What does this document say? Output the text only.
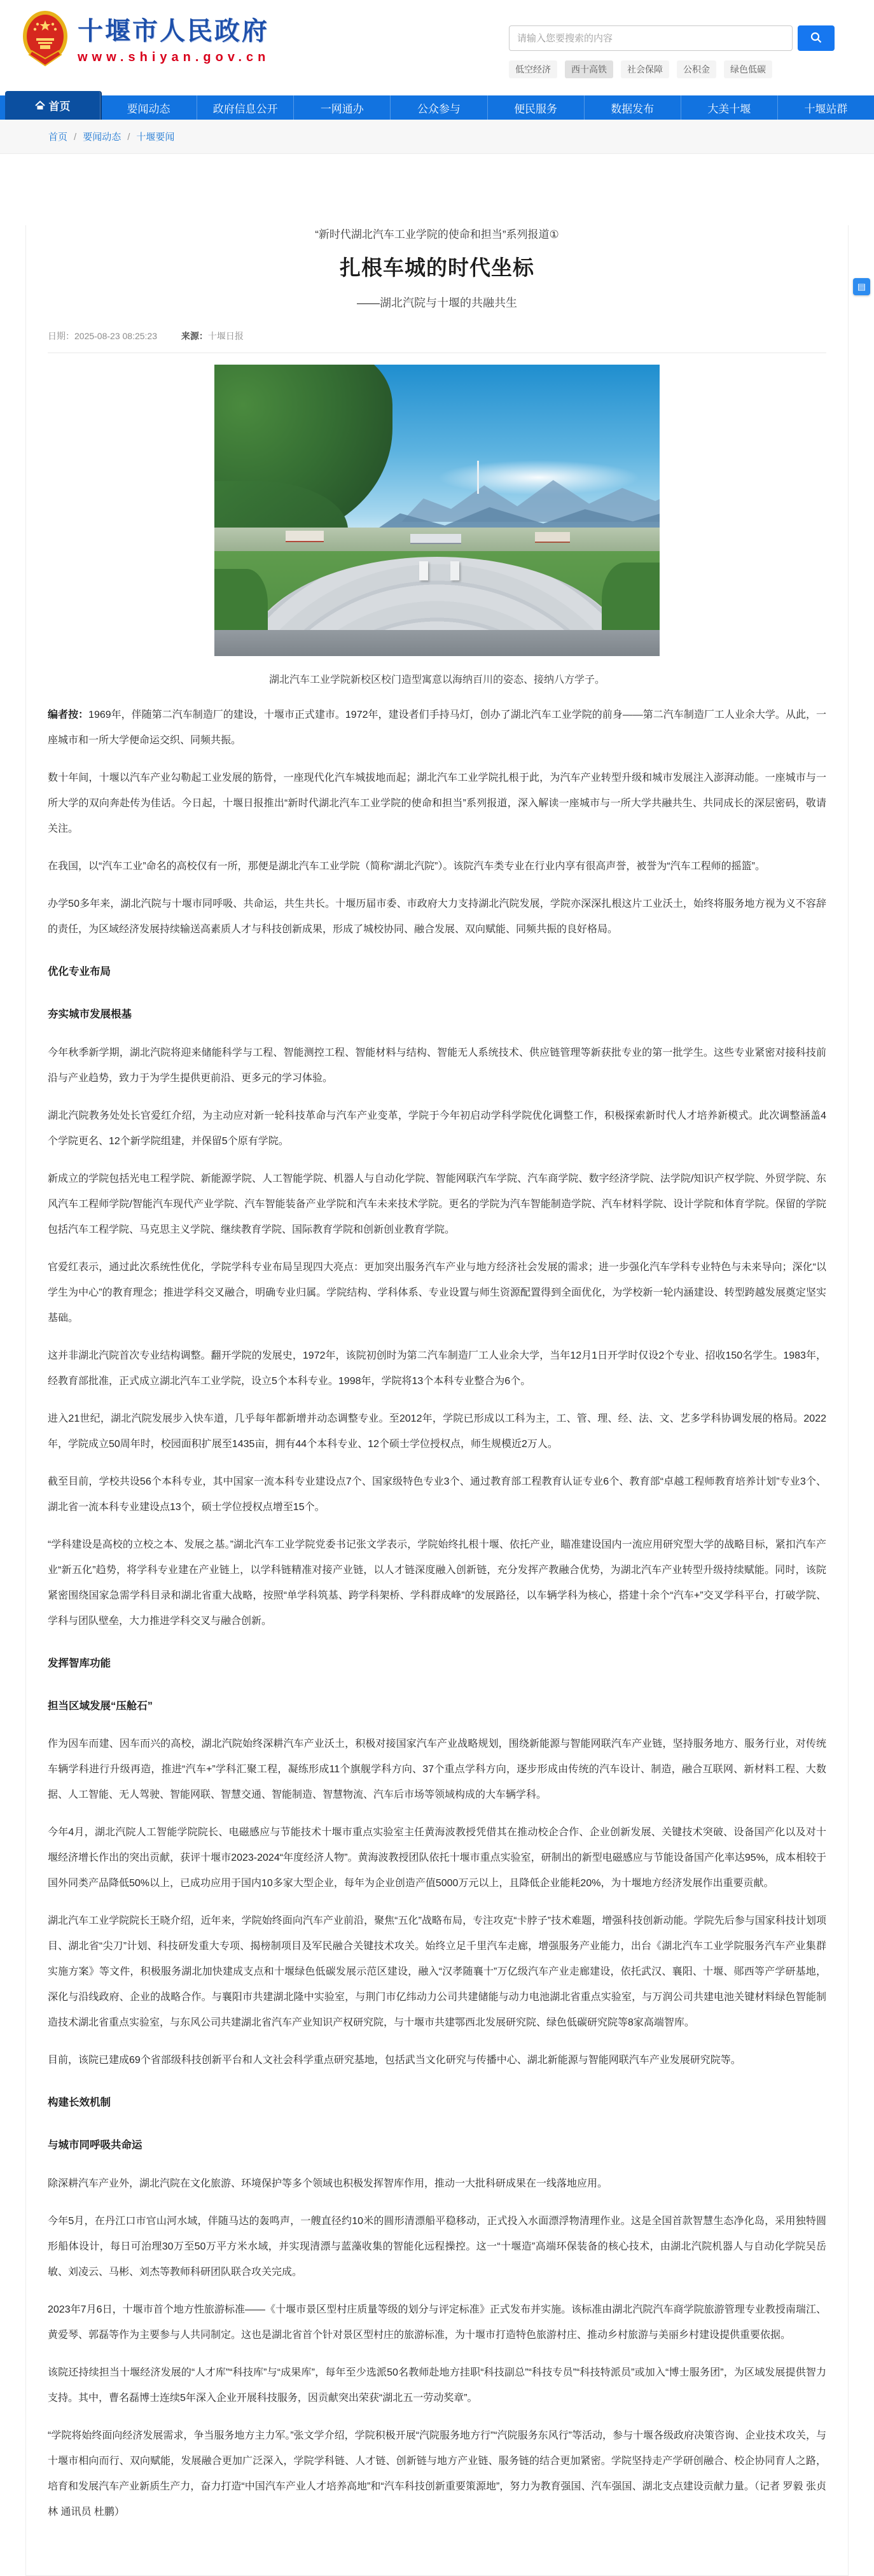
十堰市人民政府
www.shiyan.gov.cn
请输入您要搜索的内容
低空经济	西十高铁	社会保障	公积金	绿色低碳
首页	要闻动态	政府信息公开	一网通办	公众参与	便民服务	数据发布	大美十堰	十堰站群
首页 / 要闻动态 / 十堰要闻
▤
“新时代湖北汽车工业学院的使命和担当”系列报道①
扎根车城的时代坐标
——湖北汽院与十堰的共融共生
日期：2025-08-23 08:25:23	来源：十堰日报
湖北汽车工业学院新校区校门造型寓意以海纳百川的姿态、接纳八方学子。

编者按：1969年，伴随第二汽车制造厂的建设，十堰市正式建市。1972年，建设者们手持马灯，创办了湖北汽车工业学院的前身——第二汽车制造厂工人业余大学。从此，一座城市和一所大学便命运交织、同频共振。

数十年间，十堰以汽车产业勾勒起工业发展的筋骨，一座现代化汽车城拔地而起；湖北汽车工业学院扎根于此，为汽车产业转型升级和城市发展注入澎湃动能。一座城市与一所大学的双向奔赴传为佳话。今日起，十堰日报推出“新时代湖北汽车工业学院的使命和担当”系列报道，深入解读一座城市与一所大学共融共生、共同成长的深层密码，敬请关注。

在我国，以“汽车工业”命名的高校仅有一所，那便是湖北汽车工业学院（简称“湖北汽院”）。该院汽车类专业在行业内享有很高声誉，被誉为“汽车工程师的摇篮”。

办学50多年来，湖北汽院与十堰市同呼吸、共命运，共生共长。十堰历届市委、市政府大力支持湖北汽院发展，学院亦深深扎根这片工业沃土，始终将服务地方视为义不容辞的责任，为区域经济发展持续输送高素质人才与科技创新成果，形成了城校协同、融合发展、双向赋能、同频共振的良好格局。

优化专业布局
夯实城市发展根基

今年秋季新学期，湖北汽院将迎来储能科学与工程、智能测控工程、智能材料与结构、智能无人系统技术、供应链管理等新获批专业的第一批学生。这些专业紧密对接科技前沿与产业趋势，致力于为学生提供更前沿、更多元的学习体验。

湖北汽院教务处处长官爱红介绍，为主动应对新一轮科技革命与汽车产业变革，学院于今年初启动学科学院优化调整工作，积极探索新时代人才培养新模式。此次调整涵盖4个学院更名、12个新学院组建，并保留5个原有学院。

新成立的学院包括光电工程学院、新能源学院、人工智能学院、机器人与自动化学院、智能网联汽车学院、汽车商学院、数字经济学院、法学院/知识产权学院、外贸学院、东风汽车工程师学院/智能汽车现代产业学院、汽车智能装备产业学院和汽车未来技术学院。更名的学院为汽车智能制造学院、汽车材料学院、设计学院和体育学院。保留的学院包括汽车工程学院、马克思主义学院、继续教育学院、国际教育学院和创新创业教育学院。

官爱红表示，通过此次系统性优化，学院学科专业布局呈现四大亮点：更加突出服务汽车产业与地方经济社会发展的需求；进一步强化汽车学科专业特色与未来导向；深化“以学生为中心”的教育理念；推进学科交叉融合，明确专业归属。学院结构、学科体系、专业设置与师生资源配置得到全面优化，为学校新一轮内涵建设、转型跨越发展奠定坚实基础。

这并非湖北汽院首次专业结构调整。翻开学院的发展史，1972年，该院初创时为第二汽车制造厂工人业余大学，当年12月1日开学时仅设2个专业、招收150名学生。1983年，经教育部批准，正式成立湖北汽车工业学院，设立5个本科专业。1998年，学院将13个本科专业整合为6个。

进入21世纪，湖北汽院发展步入快车道，几乎每年都新增并动态调整专业。至2012年，学院已形成以工科为主，工、管、理、经、法、文、艺多学科协调发展的格局。2022年，学院成立50周年时，校园面积扩展至1435亩，拥有44个本科专业、12个硕士学位授权点，师生规模近2万人。

截至目前，学校共设56个本科专业，其中国家一流本科专业建设点7个、国家级特色专业3个、通过教育部工程教育认证专业6个、教育部“卓越工程师教育培养计划”专业3个、湖北省一流本科专业建设点13个，硕士学位授权点增至15个。

“学科建设是高校的立校之本、发展之基。”湖北汽车工业学院党委书记张文学表示，学院始终扎根十堰、依托产业，瞄准建设国内一流应用研究型大学的战略目标，紧扣汽车产业“新五化”趋势，将学科专业建在产业链上，以学科链精准对接产业链，以人才链深度融入创新链，充分发挥产教融合优势，为湖北汽车产业转型升级持续赋能。同时，该院紧密围绕国家急需学科目录和湖北省重大战略，按照“单学科筑基、跨学科架桥、学科群成峰”的发展路径，以车辆学科为核心，搭建十余个“汽车+”交叉学科平台，打破学院、学科与团队壁垒，大力推进学科交叉与融合创新。

发挥智库功能
担当区域发展“压舱石”

作为因车而建、因车而兴的高校，湖北汽院始终深耕汽车产业沃土，积极对接国家汽车产业战略规划，围绕新能源与智能网联汽车产业链，坚持服务地方、服务行业，对传统车辆学科进行升级再造，推进“汽车+”学科汇聚工程，凝练形成11个旗舰学科方向、37个重点学科方向，逐步形成由传统的汽车设计、制造，融合互联网、新材料工程、大数据、人工智能、无人驾驶、智能网联、智慧交通、智能制造、智慧物流、汽车后市场等领域构成的大车辆学科。

今年4月，湖北汽院人工智能学院院长、电磁感应与节能技术十堰市重点实验室主任黄海波教授凭借其在推动校企合作、企业创新发展、关键技术突破、设备国产化以及对十堰经济增长作出的突出贡献，获评十堰市2023-2024“年度经济人物”。黄海波教授团队依托十堰市重点实验室，研制出的新型电磁感应与节能设备国产化率达95%，成本相较于国外同类产品降低50%以上，已成功应用于国内10多家大型企业，每年为企业创造产值5000万元以上，且降低企业能耗20%，为十堰地方经济发展作出重要贡献。

湖北汽车工业学院院长王晓介绍，近年来，学院始终面向汽车产业前沿，聚焦“五化”战略布局，专注攻克“卡脖子”技术难题，增强科技创新动能。学院先后参与国家科技计划项目、湖北省“尖刀”计划、科技研发重大专项、揭榜制项目及军民融合关键技术攻关。始终立足千里汽车走廊，增强服务产业能力，出台《湖北汽车工业学院服务汽车产业集群实施方案》等文件，积极服务湖北加快建成支点和十堰绿色低碳发展示范区建设，融入“汉孝随襄十”万亿级汽车产业走廊建设，依托武汉、襄阳、十堰、郧西等产学研基地，深化与沿线政府、企业的战略合作。与襄阳市共建湖北隆中实验室，与荆门市亿纬动力公司共建储能与动力电池湖北省重点实验室，与万润公司共建电池关键材料绿色智能制造技术湖北省重点实验室，与东风公司共建湖北省汽车产业知识产权研究院，与十堰市共建鄂西北发展研究院、绿色低碳研究院等8家高端智库。

目前，该院已建成69个省部级科技创新平台和人文社会科学重点研究基地，包括武当文化研究与传播中心、湖北新能源与智能网联汽车产业发展研究院等。

构建长效机制
与城市同呼吸共命运

除深耕汽车产业外，湖北汽院在文化旅游、环境保护等多个领域也积极发挥智库作用，推动一大批科研成果在一线落地应用。

今年5月，在丹江口市官山河水域，伴随马达的轰鸣声，一艘直径约10米的圆形清漂船平稳移动，正式投入水面漂浮物清理作业。这是全国首款智慧生态净化岛，采用独特圆形船体设计，每日可治理30万至50万平方米水域，并实现清漂与蓝藻收集的智能化远程操控。这一“十堰造”高端环保装备的核心技术，由湖北汽院机器人与自动化学院吴岳敏、刘凌云、马彬、刘杰等教师科研团队联合攻关完成。

2023年7月6日，十堰市首个地方性旅游标准——《十堰市景区型村庄质量等级的划分与评定标准》正式发布并实施。该标准由湖北汽院汽车商学院旅游管理专业教授南瑞江、黄爱琴、郭磊等作为主要参与人共同制定。这也是湖北省首个针对景区型村庄的旅游标准，为十堰市打造特色旅游村庄、推动乡村旅游与美丽乡村建设提供重要依据。

该院还持续担当十堰经济发展的“人才库”“科技库”与“成果库”，每年至少选派50名教师赴地方挂职“科技副总”“科技专员”“科技特派员”或加入“博士服务团”，为区域发展提供智力支持。其中，曹名磊博士连续5年深入企业开展科技服务，因贡献突出荣获“湖北五一劳动奖章”。

“学院将始终面向经济发展需求，争当服务地方主力军。”张文学介绍，学院积极开展“汽院服务地方行”“汽院服务东风行”等活动，参与十堰各级政府决策咨询、企业技术攻关，与十堰市相向而行、双向赋能，发展融合更加广泛深入，学院学科链、人才链、创新链与地方产业链、服务链的结合更加紧密。学院坚持走产学研创融合、校企协同育人之路，培育和发展汽车产业新质生产力，奋力打造“中国汽车产业人才培养高地”和“汽车科技创新重要策源地”，努力为教育强国、汽车强国、湖北支点建设贡献力量。（记者 罗毅 张贞林 通讯员 杜鹏）
